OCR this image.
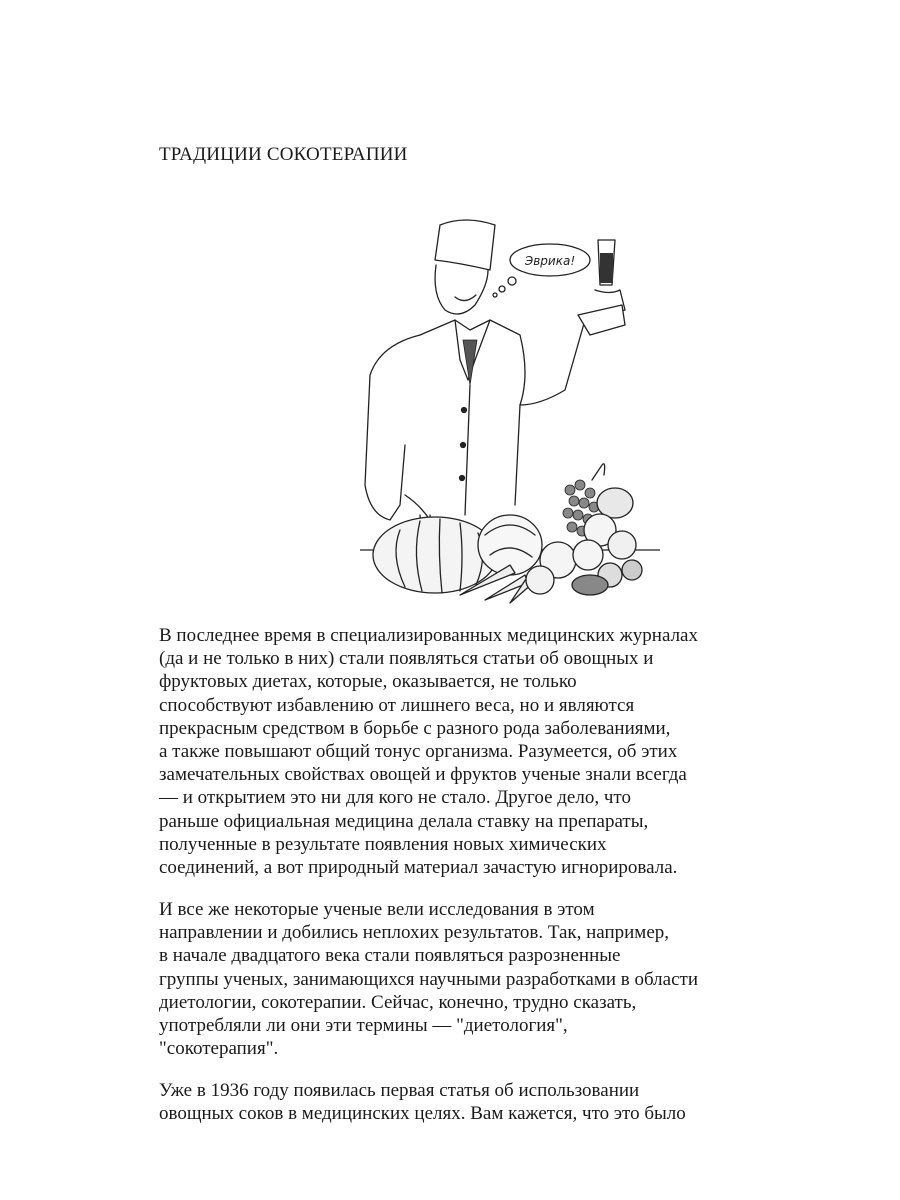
ТРАДИЦИИ СОКОТЕРАПИИ
Эврика!
В последнее время в специализированных медицинских журналах
(да и не только в них) стали появляться статьи об овощных и
фруктовых диетах, которые, оказывается, не только
способствуют избавлению от лишнего веса, но и являются
прекрасным средством в борьбе с разного рода заболеваниями,
а также повышают общий тонус организма. Разумеется, об этих
замечательных свойствах овощей и фруктов ученые знали всегда
— и открытием это ни для кого не стало. Другое дело, что
раньше официальная медицина делала ставку на препараты,
полученные в результате появления новых химических
соединений, а вот природный материал зачастую игнорировала.
И все же некоторые ученые вели исследования в этом
направлении и добились неплохих результатов. Так, например,
в начале двадцатого века стали появляться разрозненные
группы ученых, занимающихся научными разработками в области
диетологии, сокотерапии. Сейчас, конечно, трудно сказать,
употребляли ли они эти термины — "диетология",
"сокотерапия".
Уже в 1936 году появилась первая статья об использовании
овощных соков в медицинских целях. Вам кажется, что это было
